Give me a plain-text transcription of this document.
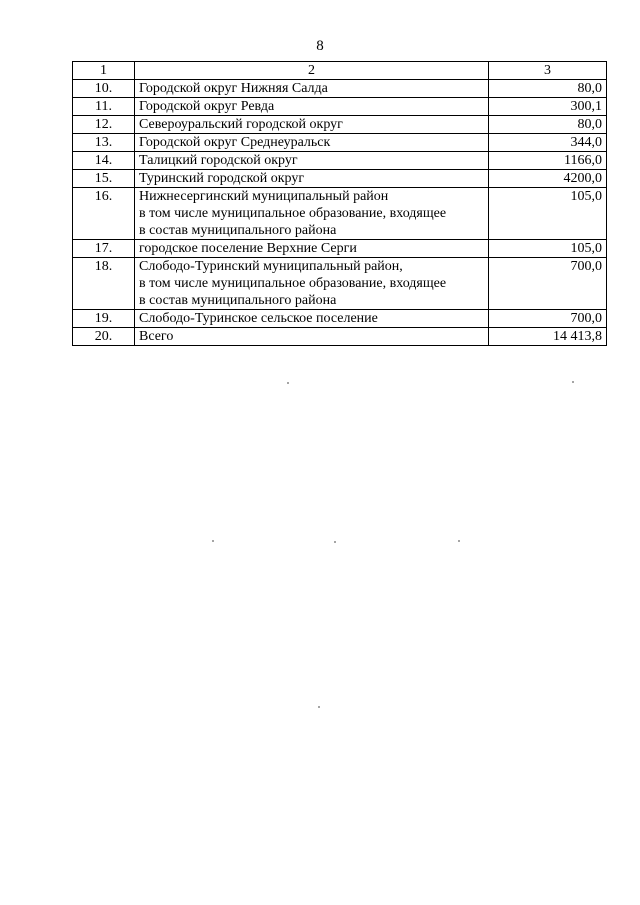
8
1	2	3
10.	Городской округ Нижняя Салда	80,0
11.	Городской округ Ревда	300,1
12.	Североуральский городской округ	80,0
13.	Городской округ Среднеуральск	344,0
14.	Талицкий городской округ	1166,0
15.	Туринский городской округ	4200,0
16.	Нижнесергинский муниципальный район
в том числе муниципальное образование, входящее
в состав муниципального района	105,0
17.	городское поселение Верхние Серги	105,0
18.	Слободо-Туринский муниципальный район,
в том числе муниципальное образование, входящее
в состав муниципального района	700,0
19.	Слободо-Туринское сельское поселение	700,0
20.	Всего	14 413,8
